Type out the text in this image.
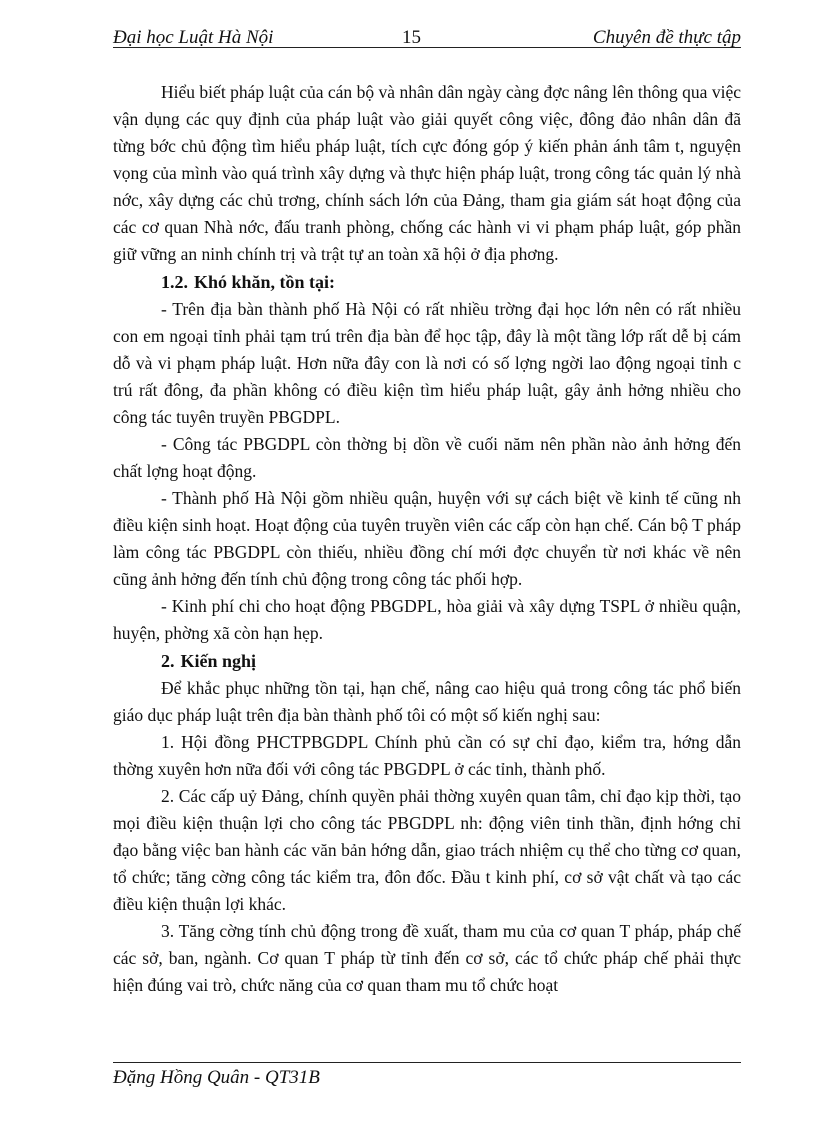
Đại học Luật Hà Nội	15	Chuyên đề thực tập

Hiểu biết pháp luật của cán bộ và nhân dân ngày càng đợc nâng lên thông qua việc vận dụng các quy định của pháp luật vào giải quyết công việc, đông đảo nhân dân đã từng bớc chủ động tìm hiểu pháp luật, tích cực đóng góp ý kiến phản ánh tâm t, nguyện vọng của mình vào quá trình xây dựng và thực hiện pháp luật, trong công tác quản lý nhà nớc, xây dựng các chủ trơng, chính sách lớn của Đảng, tham gia giám sát hoạt động của các cơ quan Nhà nớc, đấu tranh phòng, chống các hành vi vi phạm pháp luật, góp phần giữ vững an ninh chính trị và trật tự an toàn xã hội ở địa phơng.

1.2. Khó khăn, tồn tại:

- Trên địa bàn thành phố Hà Nội có rất nhiều trờng đại học lớn nên có rất nhiều con em ngoại tỉnh phải tạm trú trên địa bàn để học tập, đây là một tầng lớp rất dễ bị cám dỗ và vi phạm pháp luật. Hơn nữa đây con là nơi có số lợng ngời lao động ngoại tỉnh c trú rất đông, đa phần không có điều kiện tìm hiểu pháp luật, gây ảnh hởng nhiều cho công tác tuyên truyền PBGDPL.

- Công tác PBGDPL còn thờng bị dồn về cuối năm nên phần nào ảnh hởng đến chất lợng hoạt động.

- Thành phố Hà Nội gồm nhiều quận, huyện với sự cách biệt về kinh tế cũng nh điều kiện sinh hoạt. Hoạt động của tuyên truyền viên các cấp còn hạn chế. Cán bộ T pháp làm công tác PBGDPL còn thiếu, nhiều đồng chí mới đợc chuyển từ nơi khác về nên cũng ảnh hởng đến tính chủ động trong công tác phối hợp.

- Kinh phí chi cho hoạt động PBGDPL, hòa giải và xây dựng TSPL ở nhiều quận, huyện, phờng xã còn hạn hẹp.

2. Kiến nghị

Để khắc phục những tồn tại, hạn chế, nâng cao hiệu quả trong công tác phổ biến giáo dục pháp luật trên địa bàn thành phố tôi có một số kiến nghị sau:

1. Hội đồng PHCTPBGDPL Chính phủ cần có sự chỉ đạo, kiểm tra, hớng dẫn thờng xuyên hơn nữa đối với công tác PBGDPL ở các tỉnh, thành phố.

2. Các cấp uỷ Đảng, chính quyền phải thờng xuyên quan tâm, chỉ đạo kịp thời, tạo mọi điều kiện thuận lợi cho công tác PBGDPL nh: động viên tinh thần, định hớng chỉ đạo bằng việc ban hành các văn bản hớng dẫn, giao trách nhiệm cụ thể cho từng cơ quan, tổ chức; tăng cờng công tác kiểm tra, đôn đốc. Đầu t kinh phí, cơ sở vật chất và tạo các điều kiện thuận lợi khác.

3. Tăng cờng tính chủ động trong đề xuất, tham mu của cơ quan T pháp, pháp chế các sở, ban, ngành. Cơ quan T pháp từ tỉnh đến cơ sở, các tổ chức pháp chế phải thực hiện đúng vai trò, chức năng của cơ quan tham mu tổ chức hoạt

Đặng Hồng Quân - QT31B
